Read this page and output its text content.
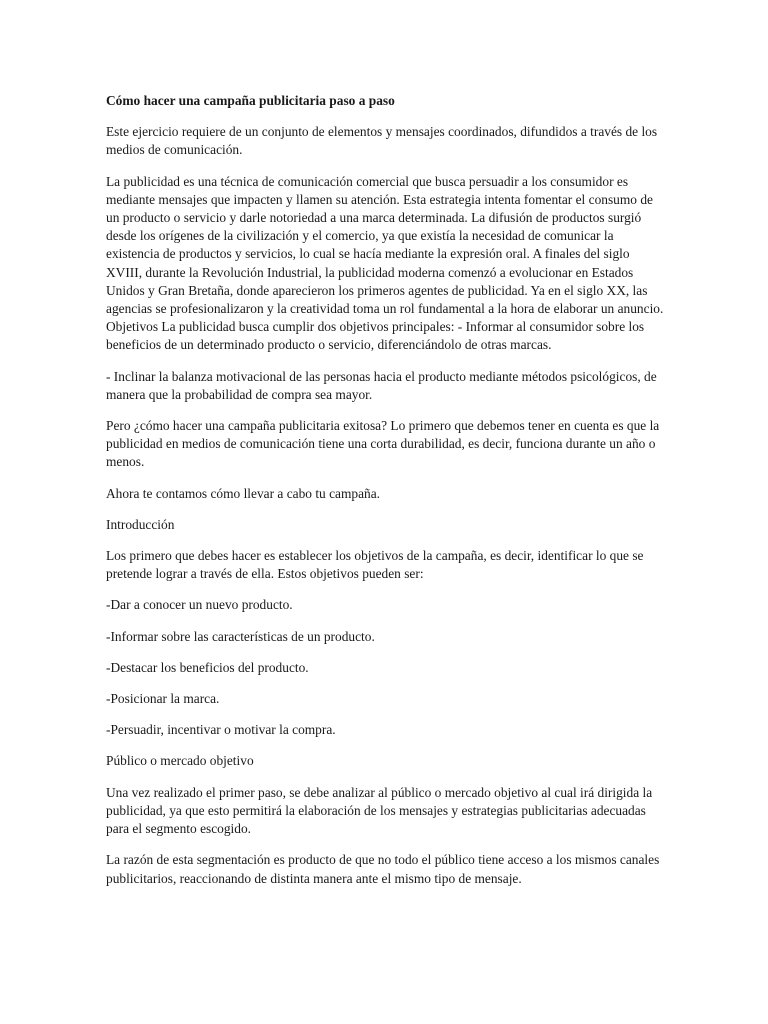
Cómo hacer una campaña publicitaria paso a paso
Este ejercicio requiere de un conjunto de elementos y mensajes coordinados, difundidos a través de los medios de comunicación.
La publicidad es una técnica de comunicación comercial que busca persuadir a los consumidor es mediante mensajes que impacten y llamen su atención. Esta estrategia intenta fomentar el consumo de un producto o servicio y darle notoriedad a una marca determinada. La difusión de productos surgió desde los orígenes de la civilización y el comercio, ya que existía la necesidad de comunicar la existencia de productos y servicios, lo cual se hacía mediante la expresión oral. A finales del siglo XVIII, durante la Revolución Industrial, la publicidad moderna comenzó a evolucionar en Estados Unidos y Gran Bretaña, donde aparecieron los primeros agentes de publicidad. Ya en el siglo XX, las agencias se profesionalizaron y la creatividad toma un rol fundamental a la hora de elaborar un anuncio. Objetivos La publicidad busca cumplir dos objetivos principales: - Informar al consumidor sobre los beneficios de un determinado producto o servicio, diferenciándolo de otras marcas.
- Inclinar la balanza motivacional de las personas hacia el producto mediante métodos psicológicos, de manera que la probabilidad de compra sea mayor.
Pero ¿cómo hacer una campaña publicitaria exitosa? Lo primero que debemos tener en cuenta es que la publicidad en medios de comunicación tiene una corta durabilidad, es decir, funciona durante un año o menos.
Ahora te contamos cómo llevar a cabo tu campaña.
Introducción
Los primero que debes hacer es establecer los objetivos de la campaña, es decir, identificar lo que se pretende lograr a través de ella. Estos objetivos pueden ser:
-Dar a conocer un nuevo producto.
-Informar sobre las características de un producto.
-Destacar los beneficios del producto.
-Posicionar la marca.
-Persuadir, incentivar o motivar la compra.
Público o mercado objetivo
Una vez realizado el primer paso, se debe analizar al público o mercado objetivo al cual irá dirigida la publicidad, ya que esto permitirá la elaboración de los mensajes y estrategias publicitarias adecuadas para el segmento escogido.
La razón de esta segmentación es producto de que no todo el público tiene acceso a los mismos canales publicitarios, reaccionando de distinta manera ante el mismo tipo de mensaje.
